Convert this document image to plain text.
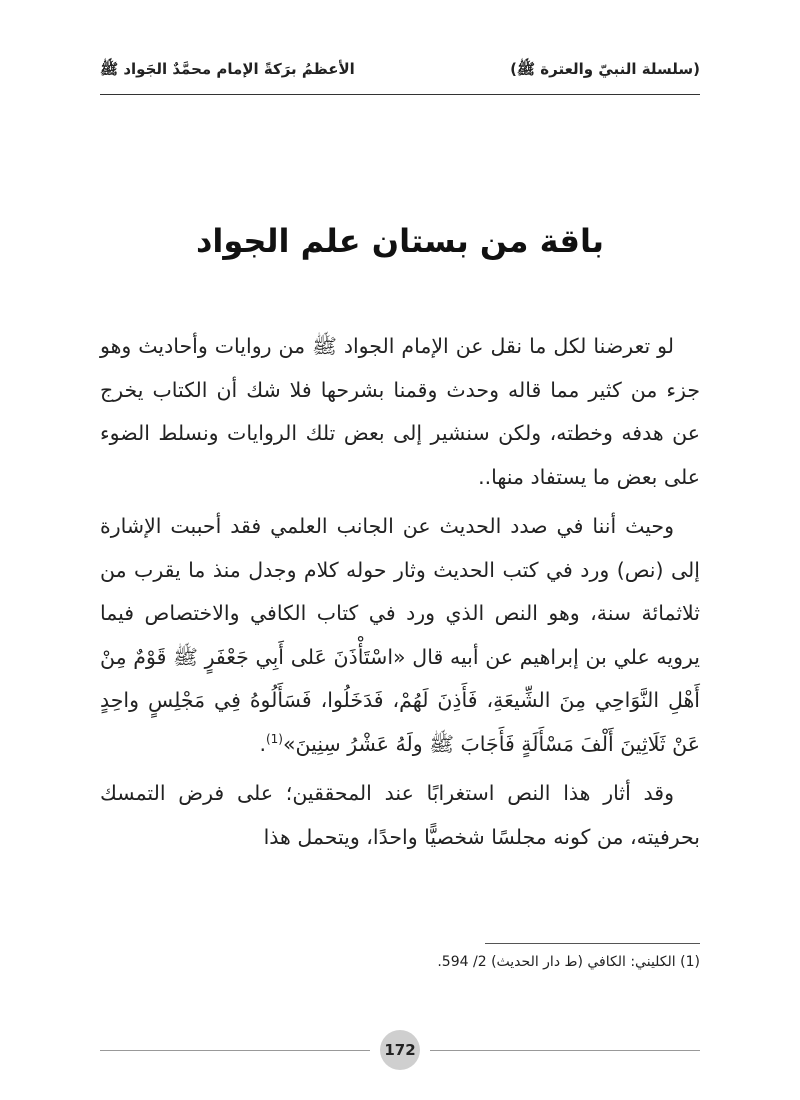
(سلسلة النبيّ والعترة ﷺ)
الأعظمُ برَكةً الإمام محمَّدٌ الجَواد ﷺ
باقة من بستان علم الجواد

لو تعرضنا لكل ما نقل عن الإمام الجواد ﷺ من روايات وأحاديث وهو جزء من كثير مما قاله وحدث وقمنا بشرحها فلا شك أن الكتاب يخرج عن هدفه وخطته، ولكن سنشير إلى بعض تلك الروايات ونسلط الضوء على بعض ما يستفاد منها..

وحيث أننا في صدد الحديث عن الجانب العلمي فقد أحببت الإشارة إلى (نص) ورد في كتب الحديث وثار حوله كلام وجدل منذ ما يقرب من ثلاثمائة سنة، وهو النص الذي ورد في كتاب الكافي والاختصاص فيما يرويه علي بن إبراهيم عن أبيه قال «اسْتَأْذَنَ عَلى أَبِي جَعْفَرٍ ﷺ قَوْمٌ مِنْ أَهْلِ النَّوَاحِي مِنَ الشِّيعَةِ، فَأَذِنَ لَهُمْ، فَدَخَلُوا، فَسَأَلُوهُ فِي مَجْلِسٍ واحِدٍ عَنْ ثَلَاثِينَ أَلْفَ مَسْأَلَةٍ فَأَجَابَ ﷺ ولَهُ عَشْرُ سِنِينَ»$^{(1)}$.

وقد أثار هذا النص استغرابًا عند المحققين؛ على فرض التمسك بحرفيته، من كونه مجلسًا شخصيًّا واحدًا، ويتحمل هذا

(1) الكليني: الكافي (ط دار الحديث) 2/ 594.
172
